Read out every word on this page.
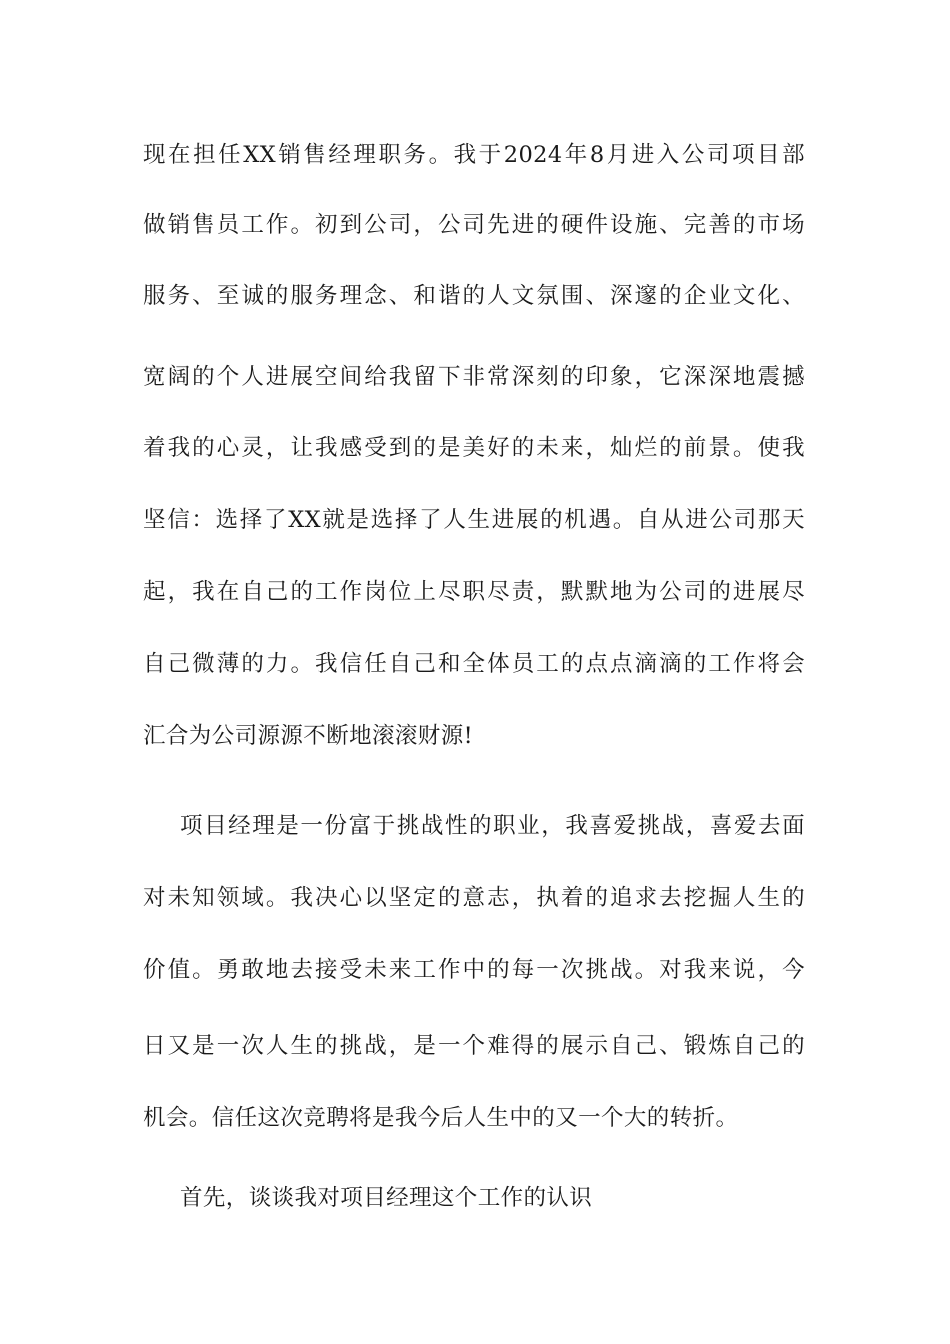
现在担任XX销售经理职务。我于2024年8月进入公司项目部
做销售员工作。初到公司，公司先进的硬件设施、完善的市场
服务、至诚的服务理念、和谐的人文氛围、深邃的企业文化、
宽阔的个人进展空间给我留下非常深刻的印象，它深深地震撼
着我的心灵，让我感受到的是美好的未来，灿烂的前景。使我
坚信：选择了XX就是选择了人生进展的机遇。自从进公司那天
起，我在自己的工作岗位上尽职尽责，默默地为公司的进展尽
自己微薄的力。我信任自己和全体员工的点点滴滴的工作将会
汇合为公司源源不断地滚滚财源!
项目经理是一份富于挑战性的职业，我喜爱挑战，喜爱去面
对未知领域。我决心以坚定的意志，执着的追求去挖掘人生的
价值。勇敢地去接受未来工作中的每一次挑战。对我来说，今
日又是一次人生的挑战，是一个难得的展示自己、锻炼自己的
机会。信任这次竞聘将是我今后人生中的又一个大的转折。
首先，谈谈我对项目经理这个工作的认识
